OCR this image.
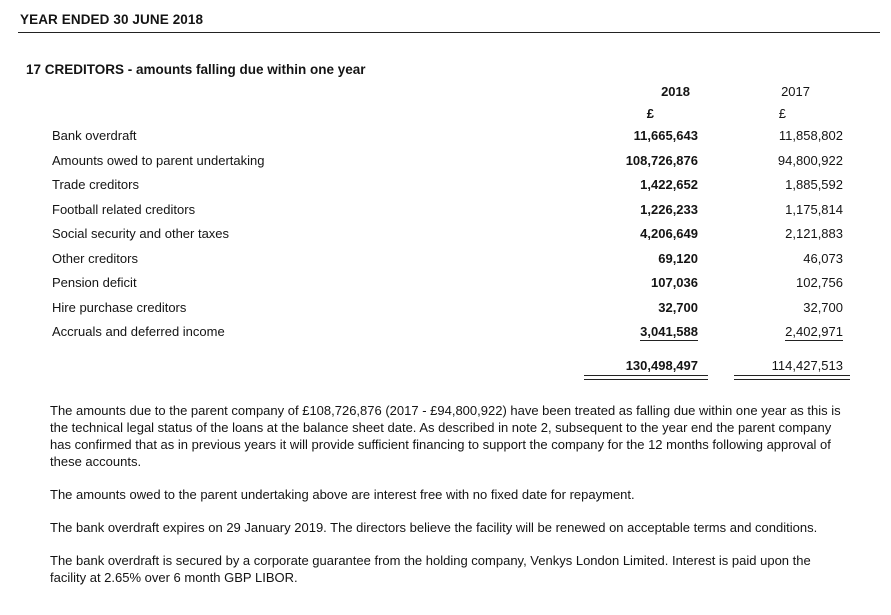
YEAR ENDED 30 JUNE 2018
17 CREDITORS - amounts falling due within one year
2018	2017
£	£
Bank overdraft	11,665,643	11,858,802
Amounts owed to parent undertaking	108,726,876	94,800,922
Trade creditors	1,422,652	1,885,592
Football related creditors	1,226,233	1,175,814
Social security and other taxes	4,206,649	2,121,883
Other creditors	69,120	46,073
Pension deficit	107,036	102,756
Hire purchase creditors	32,700	32,700
Accruals and deferred income	3,041,588	2,402,971
130,498,497	114,427,513

The amounts due to the parent company of £108,726,876 (2017 - £94,800,922) have been treated as falling due within one year as this is the technical legal status of the loans at the balance sheet date. As described in note 2, subsequent to the year end the parent company has confirmed that as in previous years it will provide sufficient financing to support the company for the 12 months following approval of these accounts.

The amounts owed to the parent undertaking above are interest free with no fixed date for repayment.

The bank overdraft expires on 29 January 2019. The directors believe the facility will be renewed on acceptable terms and conditions.

The bank overdraft is secured by a corporate guarantee from the holding company, Venkys London Limited. Interest is paid upon the facility at 2.65% over 6 month GBP LIBOR.
